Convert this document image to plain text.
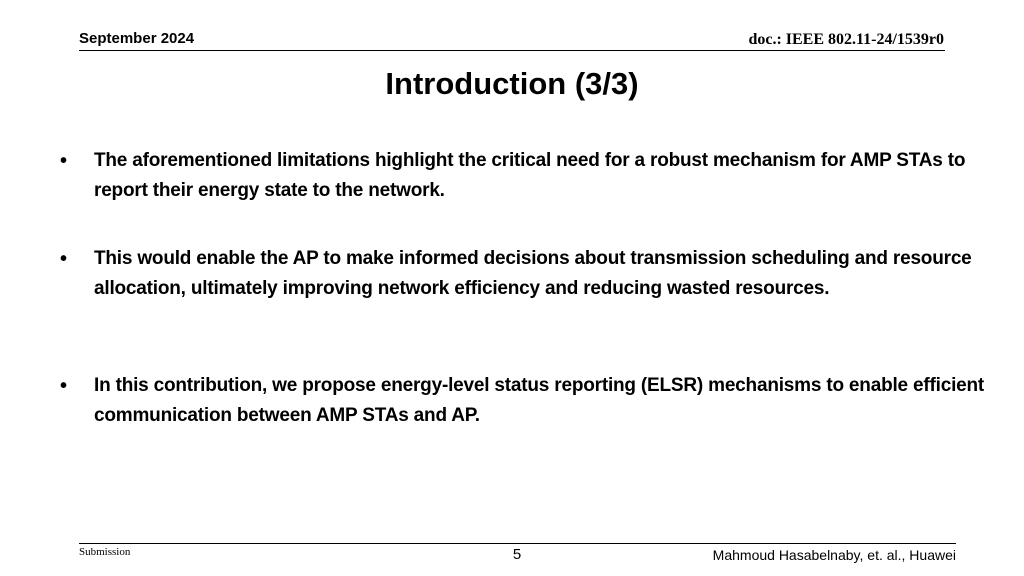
September 2024	doc.: IEEE 802.11-24/1539r0
Introduction (3/3)
• The aforementioned limitations highlight the critical need for a robust mechanism for AMP STAs to report their energy state to the network.
• This would enable the AP to make informed decisions about transmission scheduling and resource allocation, ultimately improving network efficiency and reducing wasted resources.
• In this contribution, we propose energy-level status reporting (ELSR) mechanisms to enable efficient communication between AMP STAs and AP.
Submission	5	Mahmoud Hasabelnaby, et. al., Huawei
